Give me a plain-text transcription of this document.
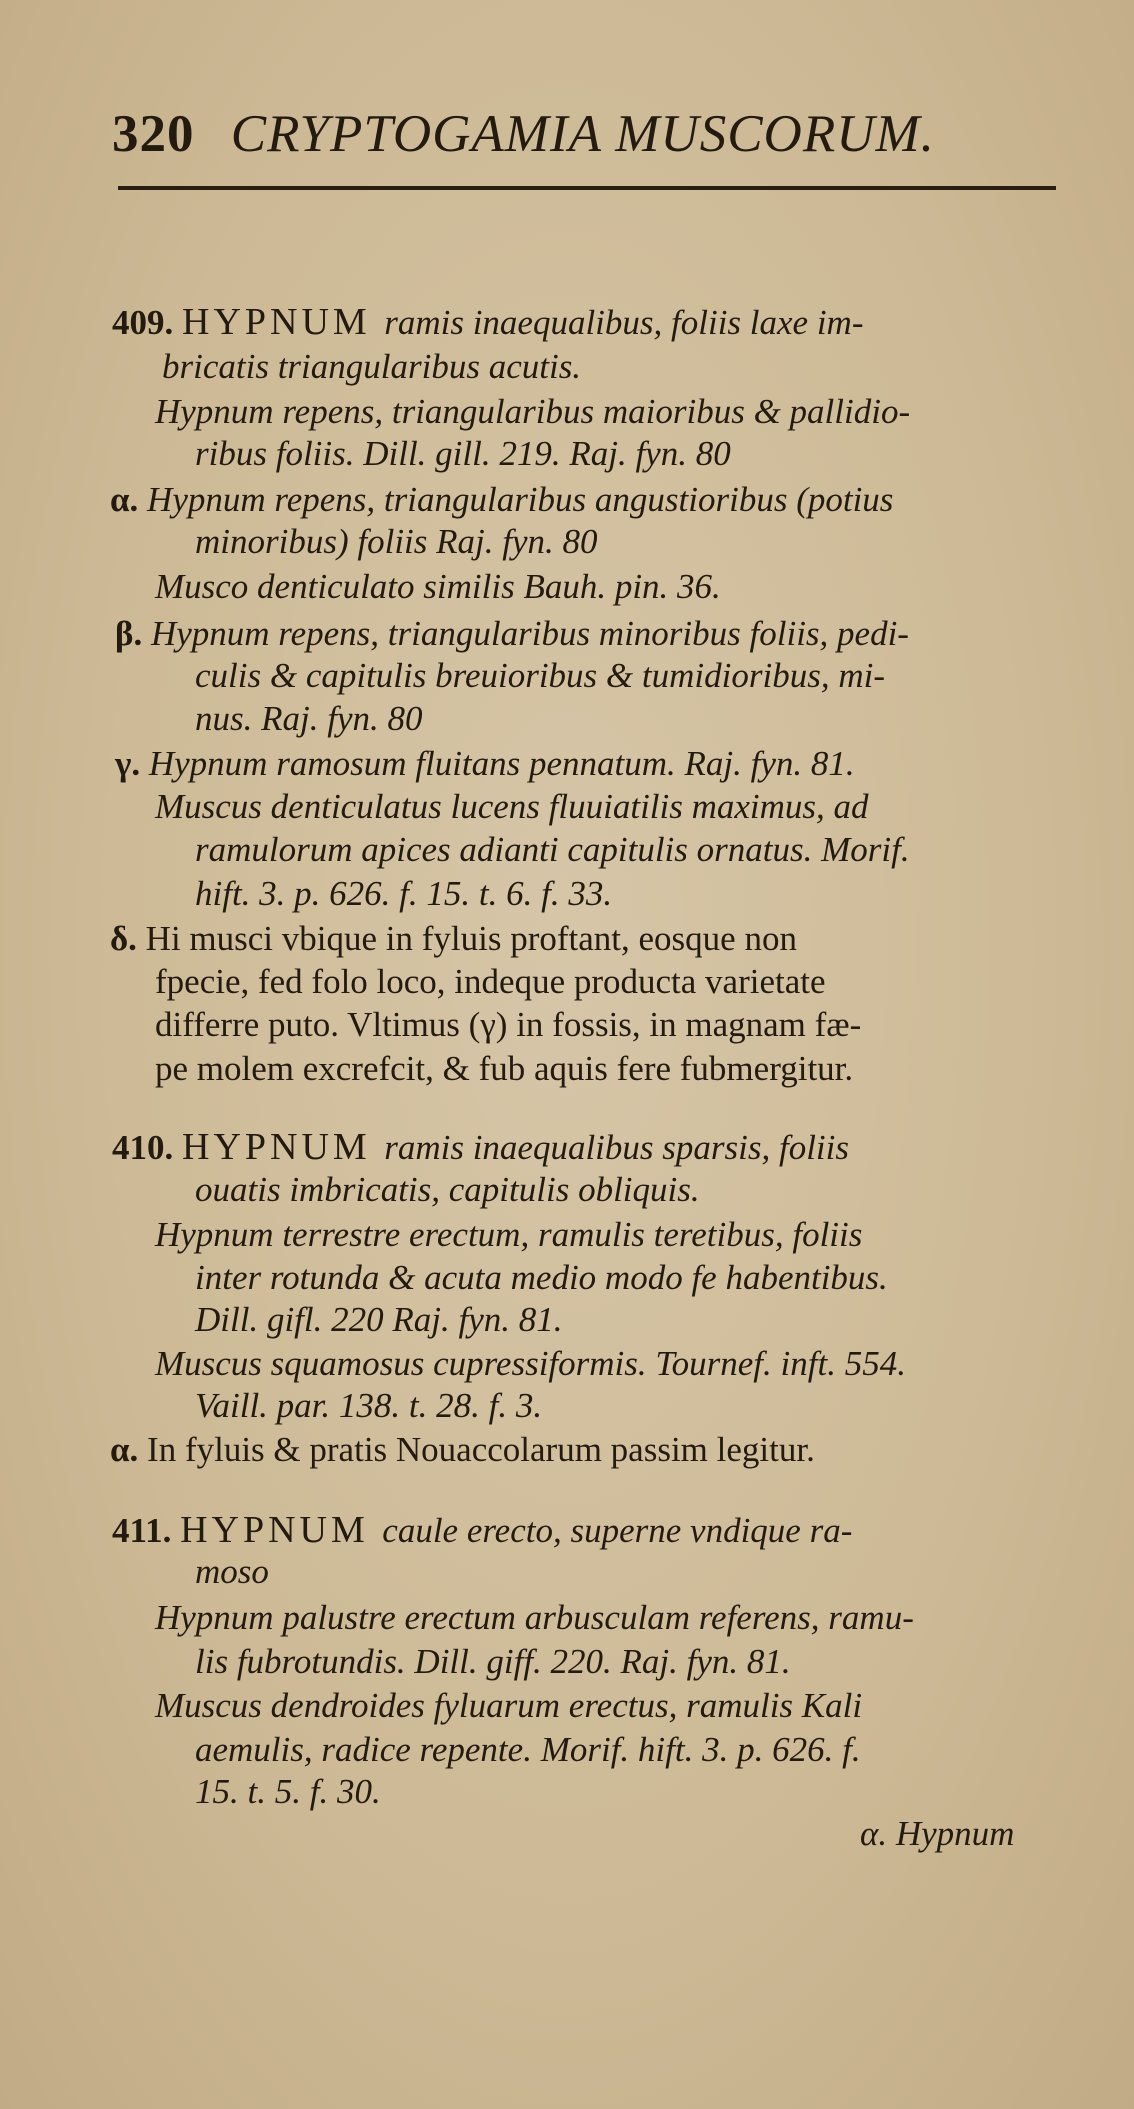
320 CRYPTOGAMIA MUSCORUM.
409. HYPNUM ramis inaequalibus, foliis laxe im-
bricatis triangularibus acutis.
Hypnum repens, triangularibus maioribus & pallidio-
ribus foliis. Dill. gill. 219. Raj. fyn. 80
α. Hypnum repens, triangularibus angustioribus (potius
minoribus) foliis Raj. fyn. 80
Musco denticulato similis Bauh. pin. 36.
β. Hypnum repens, triangularibus minoribus foliis, pedi-
culis & capitulis breuioribus & tumidioribus, mi-
nus. Raj. fyn. 80
γ. Hypnum ramosum fluitans pennatum. Raj. fyn. 81.
Muscus denticulatus lucens fluuiatilis maximus, ad
ramulorum apices adianti capitulis ornatus. Morif.
hift. 3. p. 626. f. 15. t. 6. f. 33.
δ. Hi musci vbique in fyluis proftant, eosque non
fpecie, fed folo loco, indeque producta varietate
differre puto. Vltimus (γ) in fossis, in magnam fæ-
pe molem excrefcit, & fub aquis fere fubmergitur.
410. HYPNUM ramis inaequalibus sparsis, foliis
ouatis imbricatis, capitulis obliquis.
Hypnum terrestre erectum, ramulis teretibus, foliis
inter rotunda & acuta medio modo fe habentibus.
Dill. gifl. 220 Raj. fyn. 81.
Muscus squamosus cupressiformis. Tournef. inft. 554.
Vaill. par. 138. t. 28. f. 3.
α. In fyluis & pratis Nouaccolarum passim legitur.
411. HYPNUM caule erecto, superne vndique ra-
moso
Hypnum palustre erectum arbusculam referens, ramu-
lis fubrotundis. Dill. giff. 220. Raj. fyn. 81.
Muscus dendroides fyluarum erectus, ramulis Kali
aemulis, radice repente. Morif. hift. 3. p. 626. f.
15. t. 5. f. 30.
α. Hypnum
